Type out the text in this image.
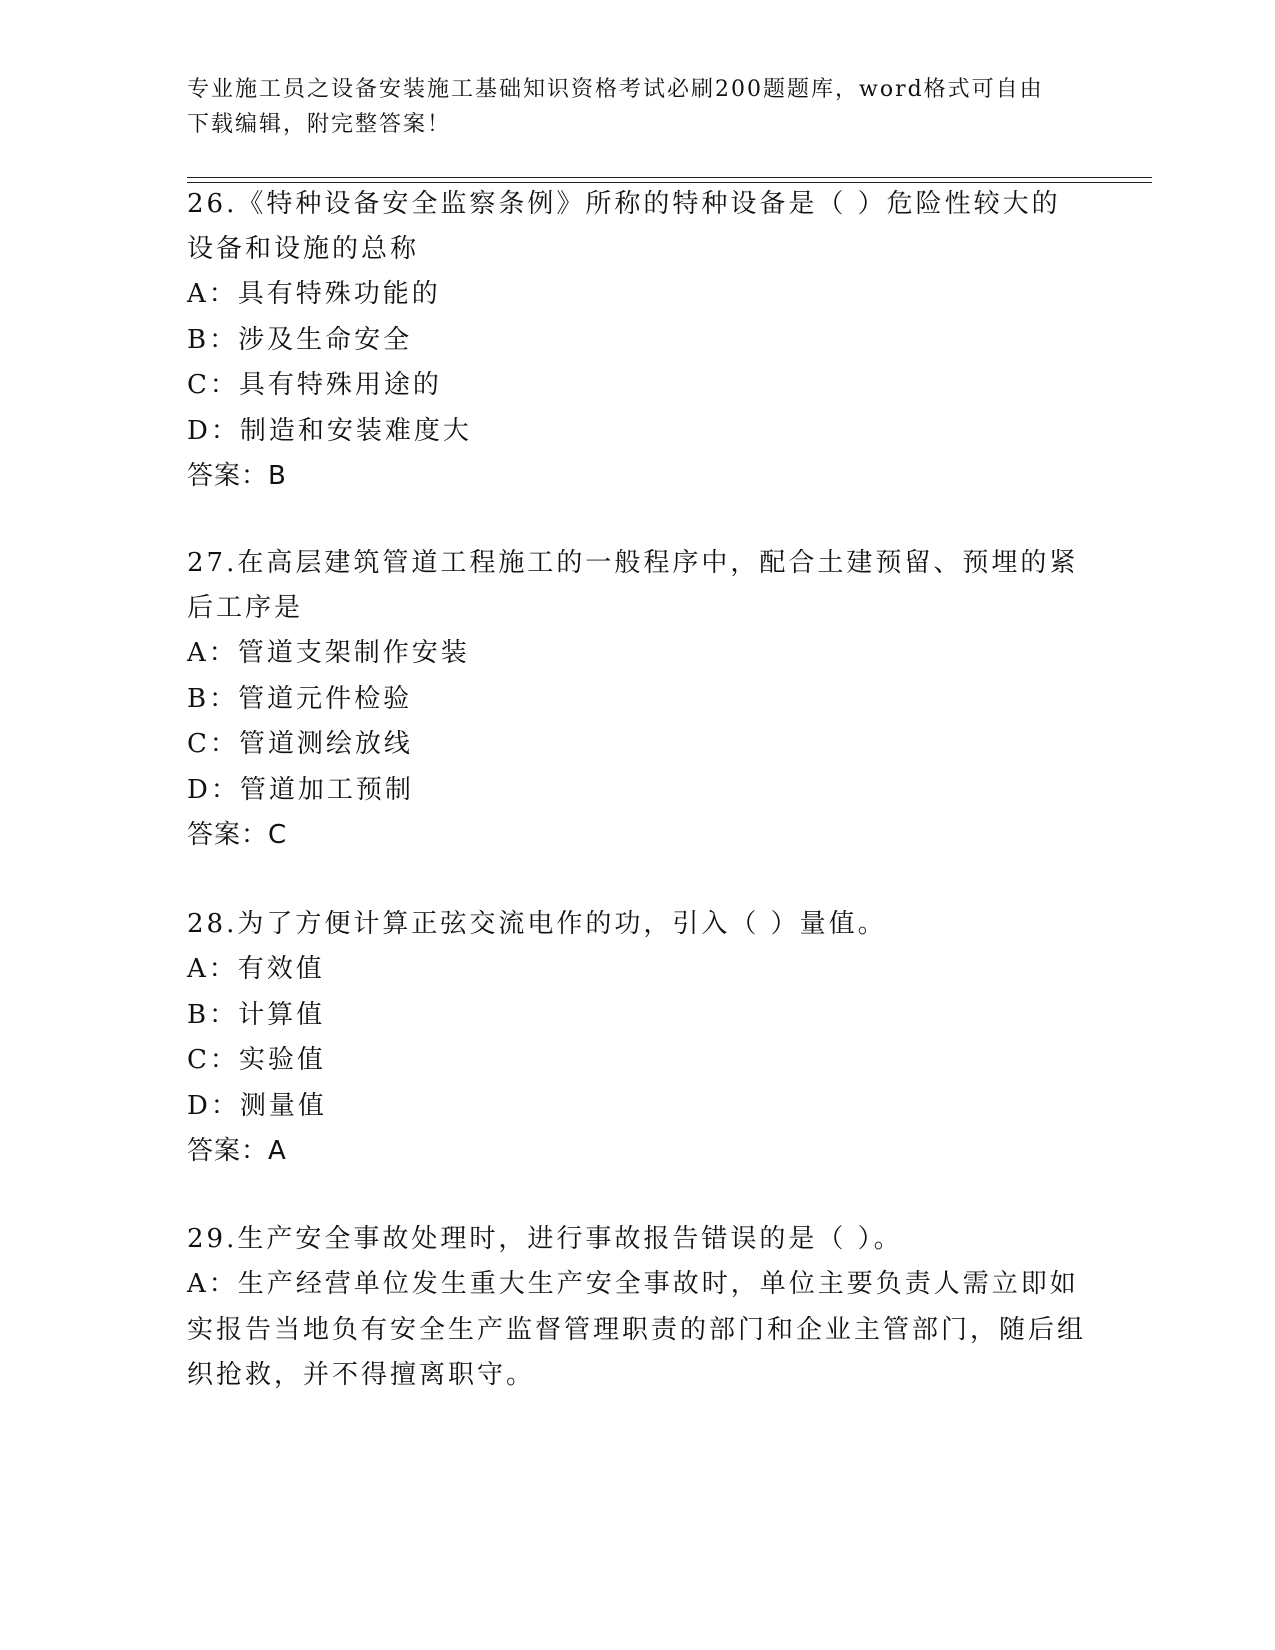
专业施工员之设备安装施工基础知识资格考试必刷200题题库，word格式可自由下载编辑，附完整答案！

26.《特种设备安全监察条例》所称的特种设备是（ ）危险性较大的设备和设施的总称

A：具有特殊功能的

B：涉及生命安全

C：具有特殊用途的

D：制造和安装难度大

答案：B

27.在高层建筑管道工程施工的一般程序中，配合土建预留、预埋的紧后工序是

A：管道支架制作安装

B：管道元件检验

C：管道测绘放线

D：管道加工预制

答案：C

28.为了方便计算正弦交流电作的功，引入（ ）量值。

A：有效值

B：计算值

C：实验值

D：测量值

答案：A

29.生产安全事故处理时，进行事故报告错误的是（ ）。

A：生产经营单位发生重大生产安全事故时，单位主要负责人需立即如实报告当地负有安全生产监督管理职责的部门和企业主管部门，随后组织抢救，并不得擅离职守。
